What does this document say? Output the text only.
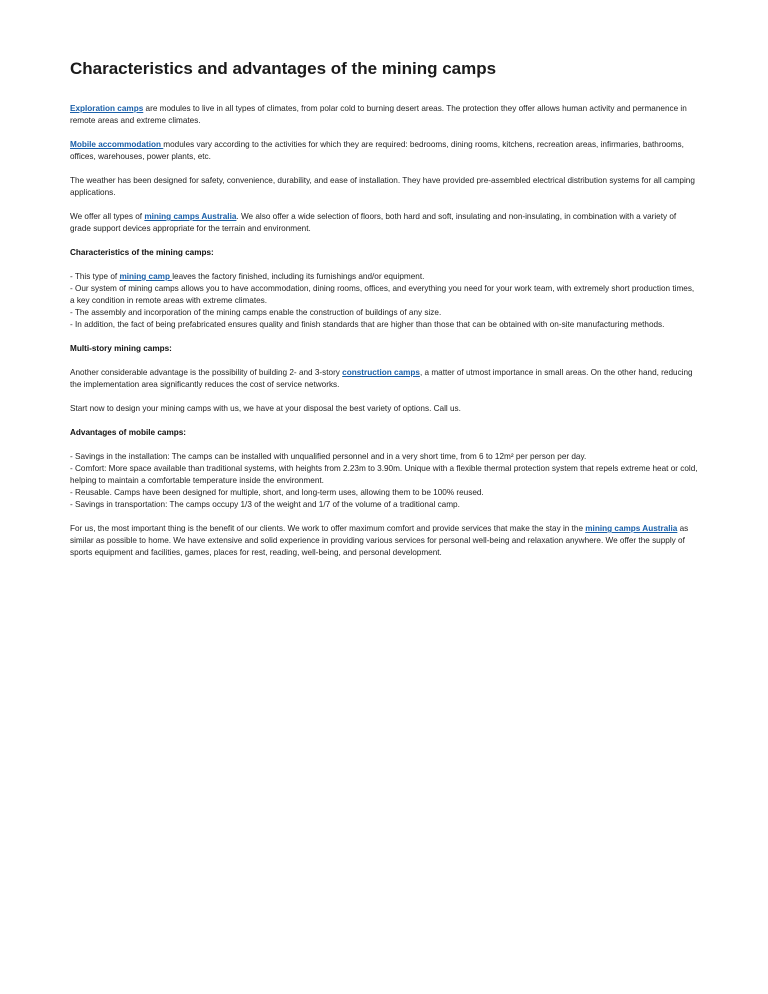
Characteristics and advantages of the mining camps

Exploration camps are modules to live in all types of climates, from polar cold to burning desert areas. The protection they offer allows human activity and permanence in remote areas and extreme climates.

Mobile accommodation modules vary according to the activities for which they are required: bedrooms, dining rooms, kitchens, recreation areas, infirmaries, bathrooms, offices, warehouses, power plants, etc.

The weather has been designed for safety, convenience, durability, and ease of installation. They have provided pre-assembled electrical distribution systems for all camping applications.

We offer all types of mining camps Australia. We also offer a wide selection of floors, both hard and soft, insulating and non-insulating, in combination with a variety of grade support devices appropriate for the terrain and environment.

Characteristics of the mining camps:

- This type of mining camp leaves the factory finished, including its furnishings and/or equipment.
- Our system of mining camps allows you to have accommodation, dining rooms, offices, and everything you need for your work team, with extremely short production times, a key condition in remote areas with extreme climates.
- The assembly and incorporation of the mining camps enable the construction of buildings of any size.
- In addition, the fact of being prefabricated ensures quality and finish standards that are higher than those that can be obtained with on-site manufacturing methods.

Multi-story mining camps:

Another considerable advantage is the possibility of building 2- and 3-story construction camps, a matter of utmost importance in small areas. On the other hand, reducing the implementation area significantly reduces the cost of service networks.

Start now to design your mining camps with us, we have at your disposal the best variety of options. Call us.

Advantages of mobile camps:

- Savings in the installation: The camps can be installed with unqualified personnel and in a very short time, from 6 to 12m² per person per day.
- Comfort: More space available than traditional systems, with heights from 2.23m to 3.90m. Unique with a flexible thermal protection system that repels extreme heat or cold, helping to maintain a comfortable temperature inside the environment.
- Reusable. Camps have been designed for multiple, short, and long-term uses, allowing them to be 100% reused.
- Savings in transportation: The camps occupy 1/3 of the weight and 1/7 of the volume of a traditional camp.

For us, the most important thing is the benefit of our clients. We work to offer maximum comfort and provide services that make the stay in the mining camps Australia as similar as possible to home. We have extensive and solid experience in providing various services for personal well-being and relaxation anywhere. We offer the supply of sports equipment and facilities, games, places for rest, reading, well-being, and personal development.
